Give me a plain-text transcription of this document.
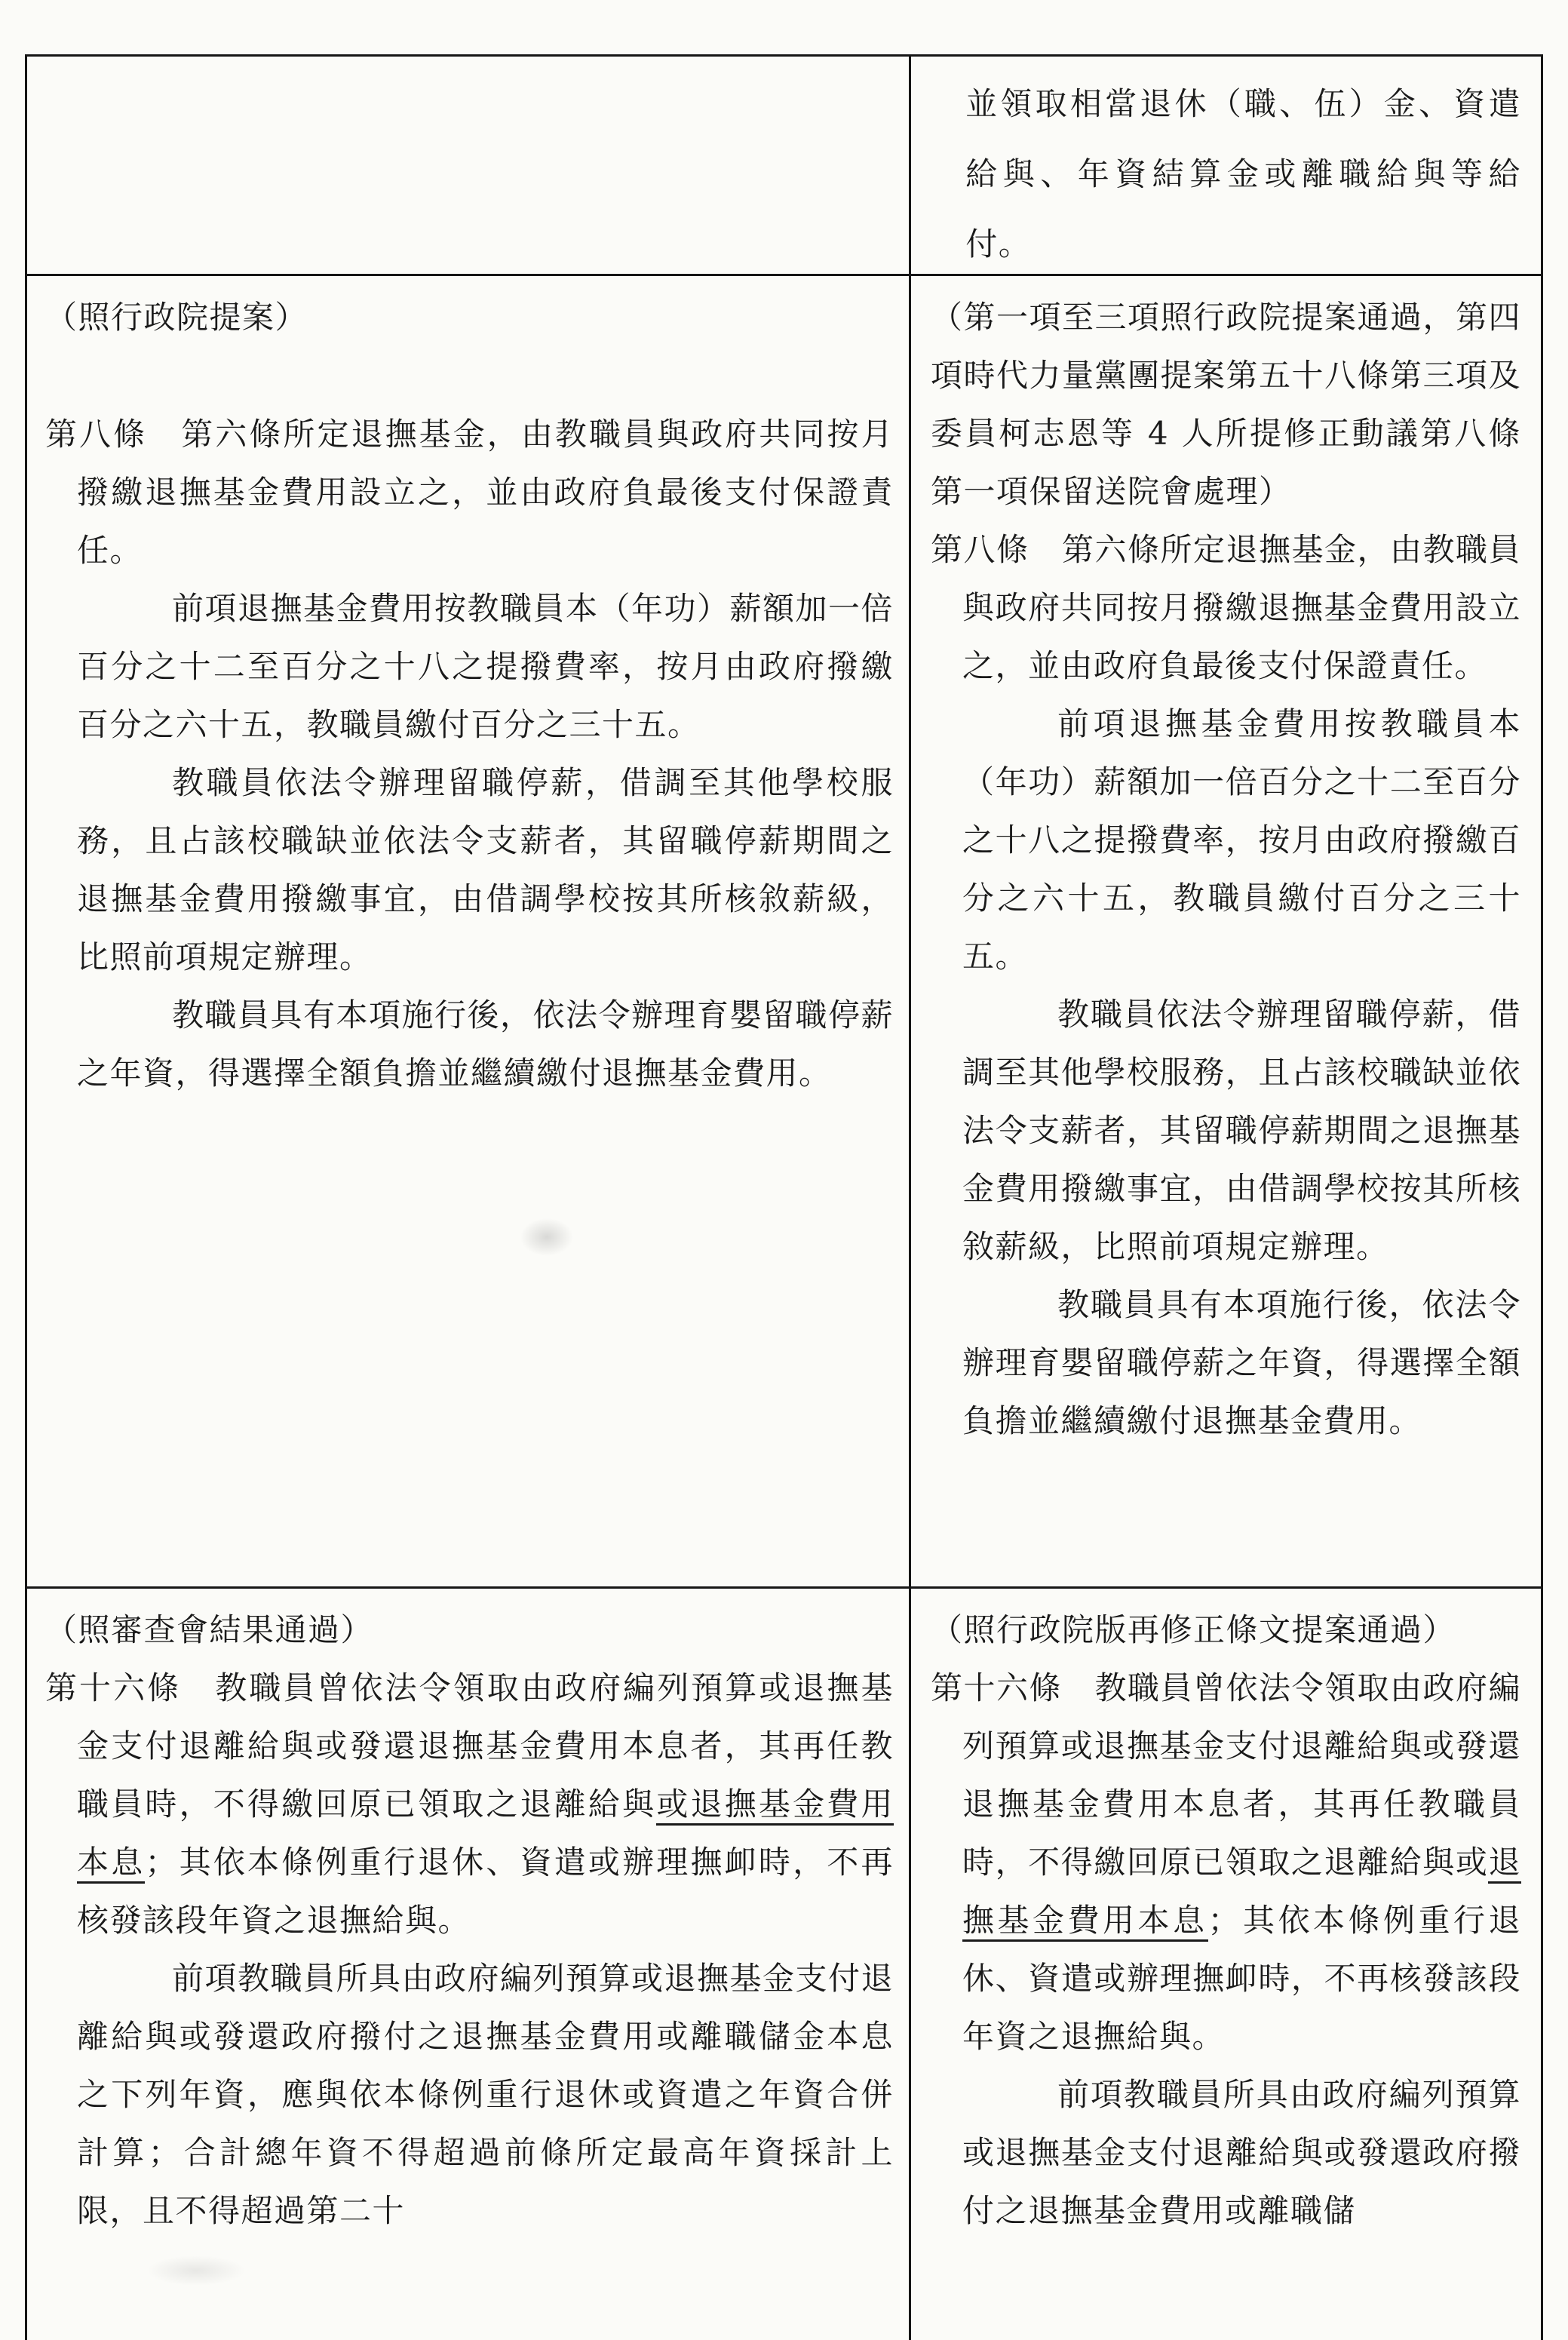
並領取相當退休（職、伍）金、資遣給與、年資結算金或離職給與等給付。

（照行政院提案）

第八條　第六條所定退撫基金，由教職員與政府共同按月撥繳退撫基金費用設立之，並由政府負最後支付保證責任。

前項退撫基金費用按教職員本（年功）薪額加一倍百分之十二至百分之十八之提撥費率，按月由政府撥繳百分之六十五，教職員繳付百分之三十五。

教職員依法令辦理留職停薪，借調至其他學校服務，且占該校職缺並依法令支薪者，其留職停薪期間之退撫基金費用撥繳事宜，由借調學校按其所核敘薪級，比照前項規定辦理。

教職員具有本項施行後，依法令辦理育嬰留職停薪之年資，得選擇全額負擔並繼續繳付退撫基金費用。

（第一項至三項照行政院提案通過，第四項時代力量黨團提案第五十八條第三項及委員柯志恩等 4 人所提修正動議第八條第一項保留送院會處理）

第八條　第六條所定退撫基金，由教職員與政府共同按月撥繳退撫基金費用設立之，並由政府負最後支付保證責任。

前項退撫基金費用按教職員本（年功）薪額加一倍百分之十二至百分之十八之提撥費率，按月由政府撥繳百分之六十五，教職員繳付百分之三十五。

教職員依法令辦理留職停薪，借調至其他學校服務，且占該校職缺並依法令支薪者，其留職停薪期間之退撫基金費用撥繳事宜，由借調學校按其所核敘薪級，比照前項規定辦理。

教職員具有本項施行後，依法令辦理育嬰留職停薪之年資，得選擇全額負擔並繼續繳付退撫基金費用。

（照審查會結果通過）

第十六條　教職員曾依法令領取由政府編列預算或退撫基金支付退離給與或發還退撫基金費用本息者，其再任教職員時，不得繳回原已領取之退離給與或退撫基金費用本息；其依本條例重行退休、資遣或辦理撫卹時，不再核發該段年資之退撫給與。

前項教職員所具由政府編列預算或退撫基金支付退離給與或發還政府撥付之退撫基金費用或離職儲金本息之下列年資，應與依本條例重行退休或資遣之年資合併計算；合計總年資不得超過前條所定最高年資採計上限，且不得超過第二十

（照行政院版再修正條文提案通過）

第十六條　教職員曾依法令領取由政府編列預算或退撫基金支付退離給與或發還退撫基金費用本息者，其再任教職員時，不得繳回原已領取之退離給與或退撫基金費用本息；其依本條例重行退休、資遣或辦理撫卹時，不再核發該段年資之退撫給與。

前項教職員所具由政府編列預算或退撫基金支付退離給與或發還政府撥付之退撫基金費用或離職儲
